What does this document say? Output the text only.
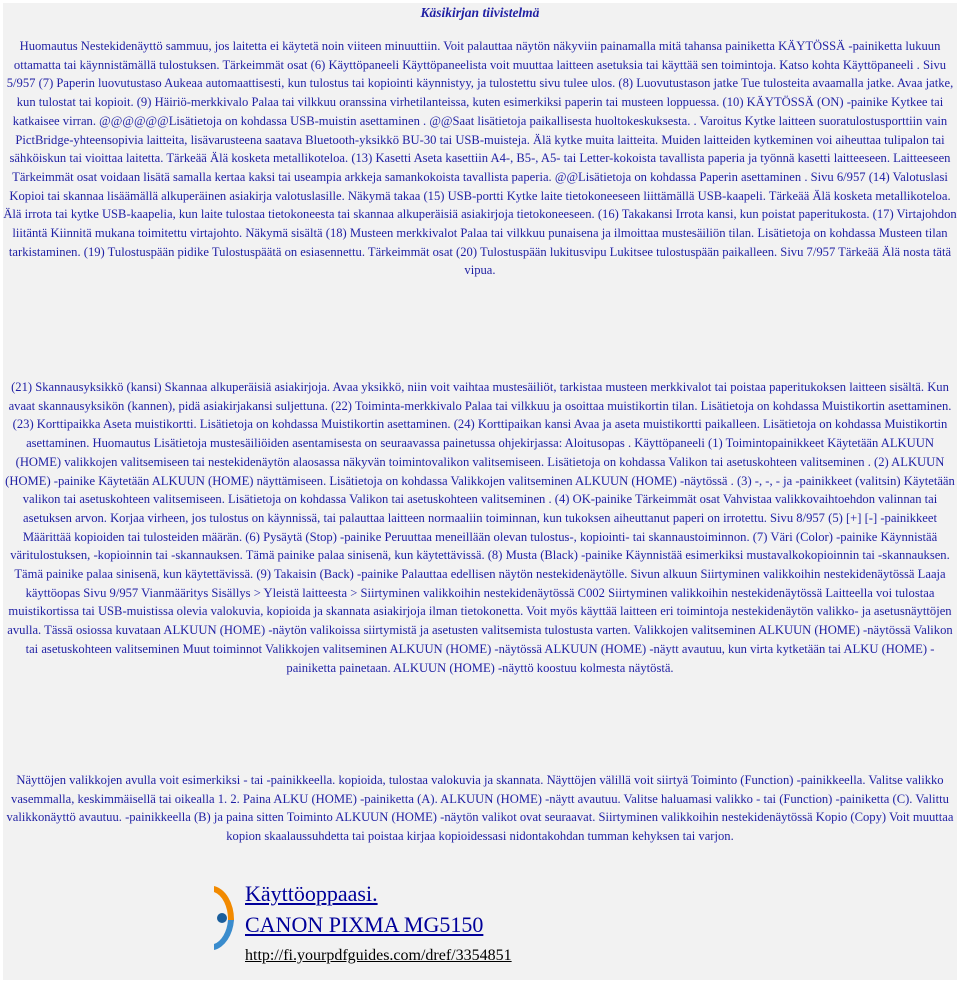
Käsikirjan tiivistelmä
Huomautus Nestekidenäyttö sammuu, jos laitetta ei käytetä noin viiteen minuuttiin. Voit palauttaa näytön näkyviin painamalla mitä tahansa painiketta KÄYTÖSSÄ -painiketta lukuun ottamatta tai käynnistämällä tulostuksen. Tärkeimmät osat (6) Käyttöpaneeli Käyttöpaneelista voit muuttaa laitteen asetuksia tai käyttää sen toimintoja. Katso kohta Käyttöpaneeli . Sivu 5/957 (7) Paperin luovutustaso Aukeaa automaattisesti, kun tulostus tai kopiointi käynnistyy, ja tulostettu sivu tulee ulos. (8) Luovutustason jatke Tue tulosteita avaamalla jatke. Avaa jatke, kun tulostat tai kopioit. (9) Häiriö-merkkivalo Palaa tai vilkkuu oranssina virhetilanteissa, kuten esimerkiksi paperin tai musteen loppuessa. (10) KÄYTÖSSÄ (ON) -painike Kytkee tai katkaisee virran. @@@@@@Lisätietoja on kohdassa USB-muistin asettaminen . @@Saat lisätietoja paikallisesta huoltokeskuksesta. . Varoitus Kytke laitteen suoratulostusporttiin vain PictBridge-yhteensopivia laitteita, lisävarusteena saatava Bluetooth-yksikkö BU-30 tai USB-muisteja. Älä kytke muita laitteita. Muiden laitteiden kytkeminen voi aiheuttaa tulipalon tai sähköiskun tai vioittaa laitetta. Tärkeää Älä kosketa metallikoteloa. (13) Kasetti Aseta kasettiin A4-, B5-, A5- tai Letter-kokoista tavallista paperia ja työnnä kasetti laitteeseen. Laitteeseen Tärkeimmät osat voidaan lisätä samalla kertaa kaksi tai useampia arkkeja samankokoista tavallista paperia. @@Lisätietoja on kohdassa Paperin asettaminen . Sivu 6/957 (14) Valotuslasi Kopioi tai skannaa lisäämällä alkuperäinen asiakirja valotuslasille. Näkymä takaa (15) USB-portti Kytke laite tietokoneeseen liittämällä USB-kaapeli. Tärkeää Älä kosketa metallikoteloa. Älä irrota tai kytke USB-kaapelia, kun laite tulostaa tietokoneesta tai skannaa alkuperäisiä asiakirjoja tietokoneeseen. (16) Takakansi Irrota kansi, kun poistat paperitukosta. (17) Virtajohdon liitäntä Kiinnitä mukana toimitettu virtajohto. Näkymä sisältä (18) Musteen merkkivalot Palaa tai vilkkuu punaisena ja ilmoittaa mustesäiliön tilan. Lisätietoja on kohdassa Musteen tilan tarkistaminen. (19) Tulostuspään pidike Tulostuspäätä on esiasennettu. Tärkeimmät osat (20) Tulostuspään lukitusvipu Lukitsee tulostuspään paikalleen. Sivu 7/957 Tärkeää Älä nosta tätä vipua.
(21) Skannausyksikkö (kansi) Skannaa alkuperäisiä asiakirjoja. Avaa yksikkö, niin voit vaihtaa mustesäiliöt, tarkistaa musteen merkkivalot tai poistaa paperitukoksen laitteen sisältä. Kun avaat skannausyksikön (kannen), pidä asiakirjakansi suljettuna. (22) Toiminta-merkkivalo Palaa tai vilkkuu ja osoittaa muistikortin tilan. Lisätietoja on kohdassa Muistikortin asettaminen. (23) Korttipaikka Aseta muistikortti. Lisätietoja on kohdassa Muistikortin asettaminen. (24) Korttipaikan kansi Avaa ja aseta muistikortti paikalleen. Lisätietoja on kohdassa Muistikortin asettaminen. Huomautus Lisätietoja mustesäiliöiden asentamisesta on seuraavassa painetussa ohjekirjassa: Aloitusopas . Käyttöpaneeli (1) Toimintopainikkeet Käytetään ALKUUN (HOME) valikkojen valitsemiseen tai nestekidenäytön alaosassa näkyvän toimintovalikon valitsemiseen. Lisätietoja on kohdassa Valikon tai asetuskohteen valitseminen . (2) ALKUUN (HOME) -painike Käytetään ALKUUN (HOME) näyttämiseen. Lisätietoja on kohdassa Valikkojen valitseminen ALKUUN (HOME) -näytössä . (3) -, -, - ja -painikkeet (valitsin) Käytetään valikon tai asetuskohteen valitsemiseen. Lisätietoja on kohdassa Valikon tai asetuskohteen valitseminen . (4) OK-painike Tärkeimmät osat Vahvistaa valikkovaihtoehdon valinnan tai asetuksen arvon. Korjaa virheen, jos tulostus on käynnissä, tai palauttaa laitteen normaaliin toiminnan, kun tukoksen aiheuttanut paperi on irrotettu. Sivu 8/957 (5) [+] [-] -painikkeet Määrittää kopioiden tai tulosteiden määrän. (6) Pysäytä (Stop) -painike Peruuttaa meneillään olevan tulostus-, kopiointi- tai skannaustoiminnon. (7) Väri (Color) -painike Käynnistää väritulostuksen, -kopioinnin tai -skannauksen. Tämä painike palaa sinisenä, kun käytettävissä. (8) Musta (Black) -painike Käynnistää esimerkiksi mustavalkokopioinnin tai -skannauksen. Tämä painike palaa sinisenä, kun käytettävissä. (9) Takaisin (Back) -painike Palauttaa edellisen näytön nestekidenäytölle. Sivun alkuun Siirtyminen valikkoihin nestekidenäytössä Laaja käyttöopas Sivu 9/957 Vianmääritys Sisällys > Yleistä laitteesta > Siirtyminen valikkoihin nestekidenäytössä C002 Siirtyminen valikkoihin nestekidenäytössä Laitteella voi tulostaa muistikortissa tai USB-muistissa olevia valokuvia, kopioida ja skannata asiakirjoja ilman tietokonetta. Voit myös käyttää laitteen eri toimintoja nestekidenäytön valikko- ja asetusnäyttöjen avulla. Tässä osiossa kuvataan ALKUUN (HOME) -näytön valikoissa siirtymistä ja asetusten valitsemista tulostusta varten. Valikkojen valitseminen ALKUUN (HOME) -näytössä Valikon tai asetuskohteen valitseminen Muut toiminnot Valikkojen valitseminen ALKUUN (HOME) -näytössä ALKUUN (HOME) -näytt avautuu, kun virta kytketään tai ALKU (HOME) -painiketta painetaan. ALKUUN (HOME) -näyttö koostuu kolmesta näytöstä.
Näyttöjen valikkojen avulla voit esimerkiksi - tai -painikkeella. kopioida, tulostaa valokuvia ja skannata. Näyttöjen välillä voit siirtyä Toiminto (Function) -painikkeella. Valitse valikko vasemmalla, keskimmäisellä tai oikealla 1. 2. Paina ALKU (HOME) -painiketta (A). ALKUUN (HOME) -näytt avautuu. Valitse haluamasi valikko - tai (Function) -painiketta (C). Valittu valikkonäyttö avautuu. -painikkeella (B) ja paina sitten Toiminto ALKUUN (HOME) -näytön valikot ovat seuraavat. Siirtyminen valikkoihin nestekidenäytössä Kopio (Copy) Voit muuttaa kopion skaalaussuhdetta tai poistaa kirjaa kopioidessasi nidontakohdan tumman kehyksen tai varjon.
Käyttöoppaasi.
CANON PIXMA MG5150
http://fi.yourpdfguides.com/dref/3354851
